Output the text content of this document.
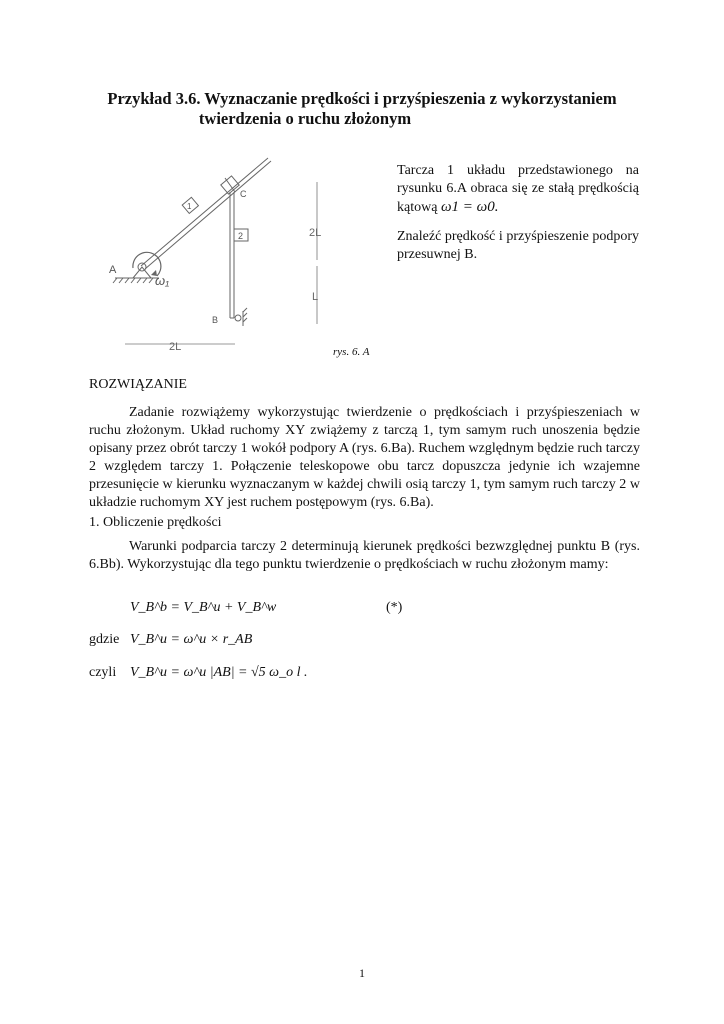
Przykład 3.6. Wyznaczanie prędkości i przyśpieszenia z wykorzystaniem
twierdzenia o ruchu złożonym
1
2
C
A
ω₁
B
2L
L
2L	rys. 6. A
Tarcza 1 układu przedstawionego na rysunku 6.A obraca się ze stałą prędkością kątową ω1 = ω0.
Znaleźć prędkość i przyśpieszenie podpory przesuwnej B.
ROZWIĄZANIE
Zadanie rozwiążemy wykorzystując twierdzenie o prędkościach i przyśpieszeniach w ruchu złożonym. Układ ruchomy XY zwiążemy z tarczą 1, tym samym ruch unoszenia będzie opisany przez obrót tarczy 1 wokół podpory A (rys. 6.Ba). Ruchem względnym będzie ruch tarczy 2 względem tarczy 1. Połączenie teleskopowe obu tarcz dopuszcza jedynie ich wzajemne przesunięcie w kierunku wyznaczanym w każdej chwili osią tarczy 1, tym samym ruch tarczy 2 w układzie ruchomym XY jest ruchem postępowym (rys. 6.Ba).
1. Obliczenie prędkości
Warunki podparcia tarczy 2 determinują kierunek prędkości bezwzględnej punktu B (rys. 6.Bb). Wykorzystując dla tego punktu twierdzenie o prędkościach w ruchu złożonym mamy:
V_B^b = V_B^u + V_B^w	(*)
gdzie V_B^u = ω^u × r_AB
czyli V_B^u = ω^u |AB| = √5 ω_o l .
1
